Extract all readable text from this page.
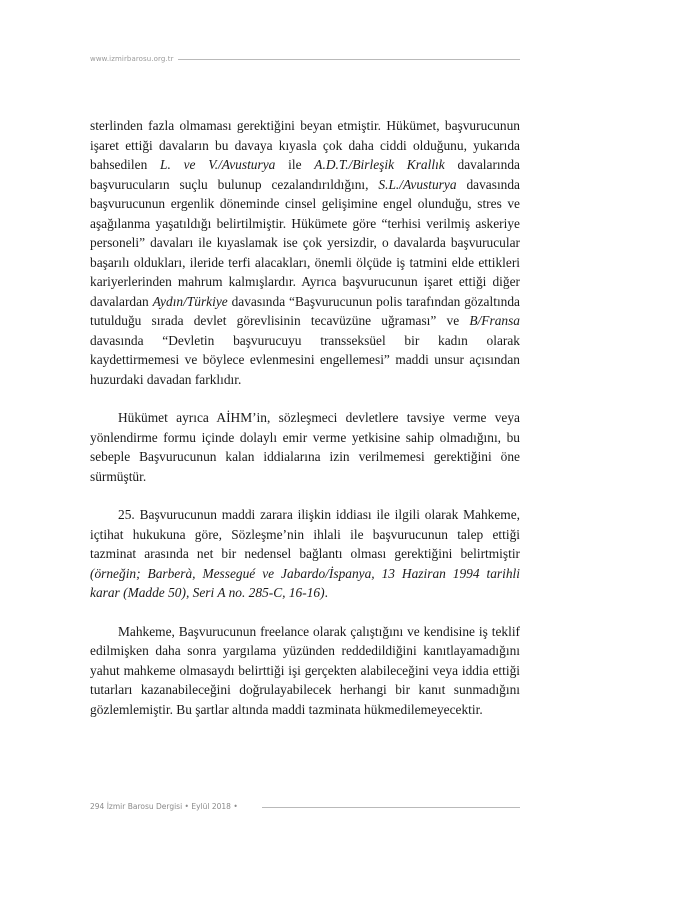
www.izmirbarosu.org.tr

sterlinden fazla olmaması gerektiğini beyan etmiştir. Hükümet, başvurucunun işaret ettiği davaların bu davaya kıyasla çok daha ciddi olduğunu, yukarıda bahsedilen L. ve V./Avusturya ile A.D.T./Birleşik Krallık davalarında başvurucuların suçlu bulunup cezalandırıldığını, S.L./Avusturya davasında başvurucunun ergenlik döneminde cinsel gelişimine engel olunduğu, stres ve aşağılanma yaşatıldığı belirtilmiştir. Hükümete göre “terhisi verilmiş askeriye personeli” davaları ile kıyaslamak ise çok yersizdir, o davalarda başvurucular başarılı oldukları, ileride terfi alacakları, önemli ölçüde iş tatmini elde ettikleri kariyerlerinden mahrum kalmışlardır. Ayrıca başvurucunun işaret ettiği diğer davalardan Aydın/Türkiye davasında “Başvurucunun polis tarafından gözaltında tutulduğu sırada devlet görevlisinin tecavüzüne uğraması” ve B/Fransa davasında “Devletin başvurucuyu transseksüel bir kadın olarak kaydettirmemesi ve böylece evlenmesini engellemesi” maddi unsur açısından huzurdaki davadan farklıdır.

Hükümet ayrıca AİHM’in, sözleşmeci devletlere tavsiye verme veya yönlendirme formu içinde dolaylı emir verme yetkisine sahip olmadığını, bu sebeple Başvurucunun kalan iddialarına izin verilmemesi gerektiğini öne sürmüştür.

25. Başvurucunun maddi zarara ilişkin iddiası ile ilgili olarak Mahkeme, içtihat hukukuna göre, Sözleşme’nin ihlali ile başvurucunun talep ettiği tazminat arasında net bir nedensel bağlantı olması gerektiğini belirtmiştir (örneğin; Barberà, Messegué ve Jabardo/İspanya, 13 Haziran 1994 tarihli karar (Madde 50), Seri A no. 285-C, 16-16).

Mahkeme, Başvurucunun freelance olarak çalıştığını ve kendisine iş teklif edilmişken daha sonra yargılama yüzünden reddedildiğini kanıtlayamadığını yahut mahkeme olmasaydı belirttiği işi gerçekten alabileceğini veya iddia ettiği tutarları kazanabileceğini doğrulayabilecek herhangi bir kanıt sunmadığını gözlemlemiştir. Bu şartlar altında maddi tazminata hükmedilemeyecektir.

294 İzmir Barosu Dergisi • Eylül 2018 •
